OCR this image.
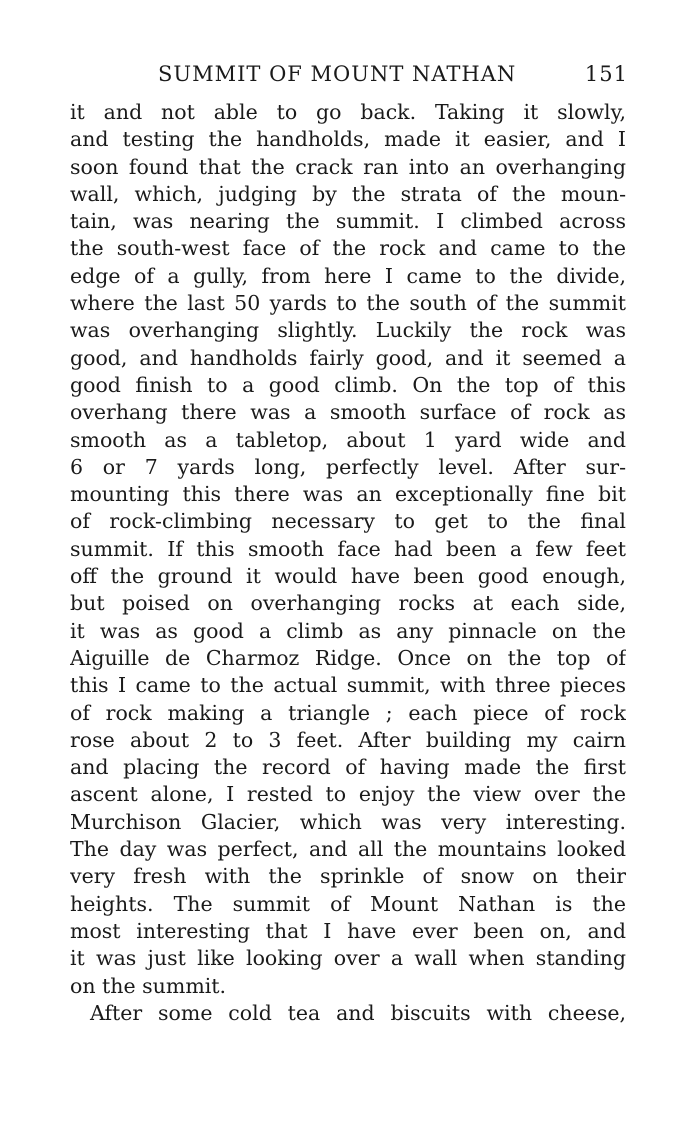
SUMMIT OF MOUNT NATHAN	151
it and not able to go back. Taking it slowly,
and testing the handholds, made it easier, and I
soon found that the crack ran into an overhanging
wall, which, judging by the strata of the moun-
tain, was nearing the summit. I climbed across
the south-west face of the rock and came to the
edge of a gully, from here I came to the divide,
where the last 50 yards to the south of the summit
was overhanging slightly. Luckily the rock was
good, and handholds fairly good, and it seemed a
good finish to a good climb. On the top of this
overhang there was a smooth surface of rock as
smooth as a tabletop, about 1 yard wide and
6 or 7 yards long, perfectly level. After sur-
mounting this there was an exceptionally fine bit
of rock-climbing necessary to get to the final
summit. If this smooth face had been a few feet
off the ground it would have been good enough,
but poised on overhanging rocks at each side,
it was as good a climb as any pinnacle on the
Aiguille de Charmoz Ridge. Once on the top of
this I came to the actual summit, with three pieces
of rock making a triangle ; each piece of rock
rose about 2 to 3 feet. After building my cairn
and placing the record of having made the first
ascent alone, I rested to enjoy the view over the
Murchison Glacier, which was very interesting.
The day was perfect, and all the mountains looked
very fresh with the sprinkle of snow on their
heights. The summit of Mount Nathan is the
most interesting that I have ever been on, and
it was just like looking over a wall when standing
on the summit.
After some cold tea and biscuits with cheese,
